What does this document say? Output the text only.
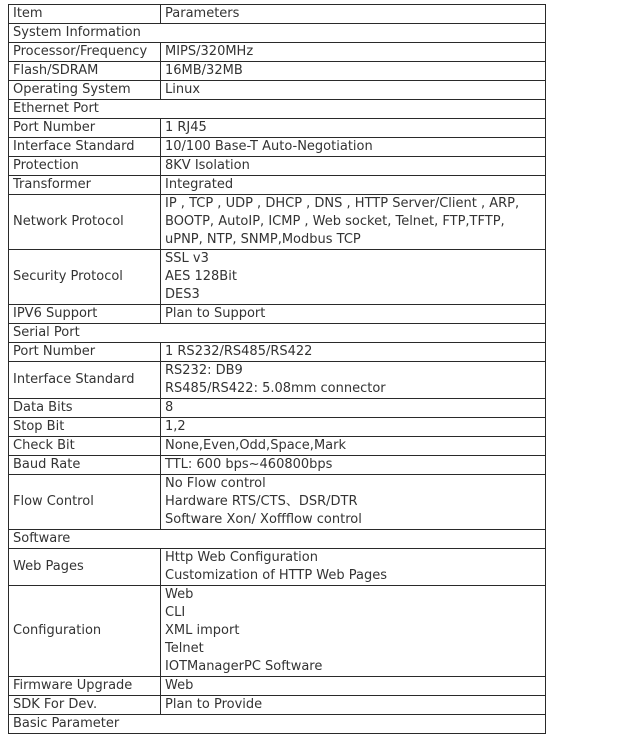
Item	Parameters
System Information	
Processor/Frequency	MIPS/320MHz
Flash/SDRAM	16MB/32MB
Operating System	Linux
Ethernet Port	
Port Number	1 RJ45
Interface Standard	10/100 Base-T Auto-Negotiation
Protection	8KV Isolation
Transformer	Integrated
Network Protocol	IP , TCP , UDP , DHCP , DNS , HTTP Server/Client , ARP,
BOOTP, AutoIP, ICMP , Web socket, Telnet, FTP,TFTP,
uPNP, NTP, SNMP,Modbus TCP

Security Protocol	SSL v3
AES 128Bit
DES3

IPV6 Support	Plan to Support
Serial Port	
Port Number	1 RS232/RS485/RS422
Interface Standard	RS232: DB9
RS485/RS422: 5.08mm connector

Data Bits	8
Stop Bit	1,2
Check Bit	None,Even,Odd,Space,Mark
Baud Rate	TTL: 600 bps~460800bps
Flow Control	No Flow control
Hardware RTS/CTS、DSR/DTR
Software Xon/ Xoffflow control

Software	
Web Pages	Http Web Configuration
Customization of HTTP Web Pages

Configuration	Web
CLI
XML import
Telnet
IOTManagerPC Software

Firmware Upgrade	Web
SDK For Dev.	Plan to Provide
Basic Parameter	
